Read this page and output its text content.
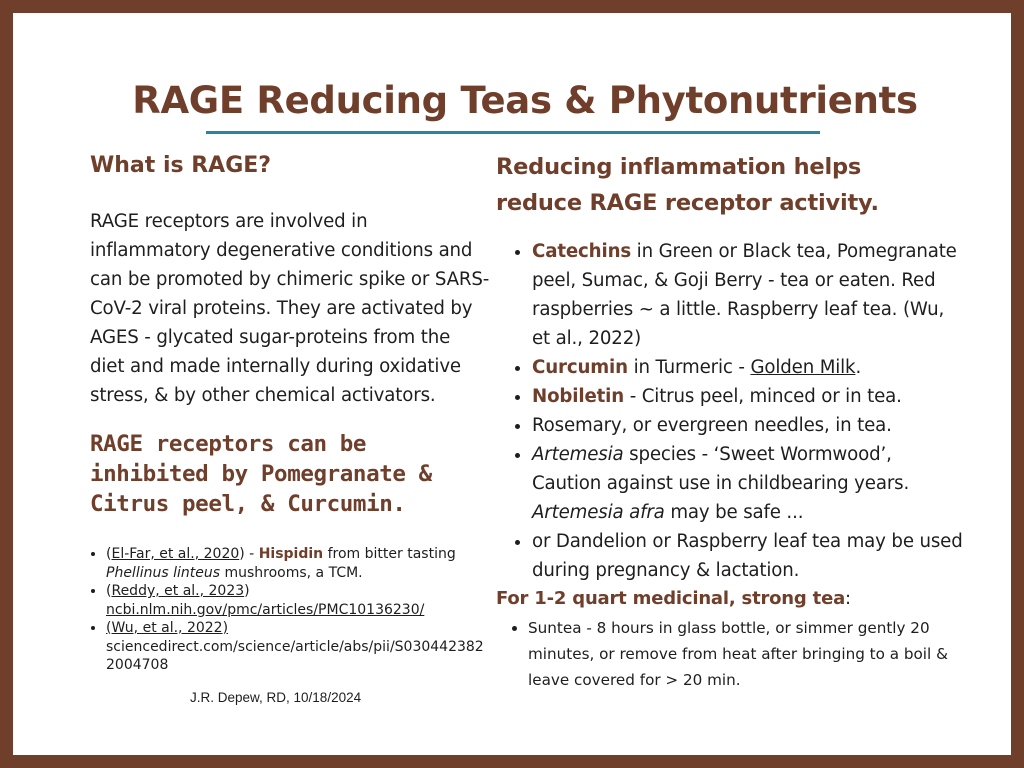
RAGE Reducing Teas & Phytonutrients
What is RAGE?

RAGE receptors are involved in inflammatory degenerative conditions and can be promoted by chimeric spike or SARS-CoV-2 viral proteins. They are activated by AGES - glycated sugar-proteins from the diet and made internally during oxidative stress, & by other chemical activators.

RAGE receptors can be inhibited by Pomegranate & Citrus peel, & Curcumin.
• (El-Far, et al., 2020) - Hispidin from bitter tasting Phellinus linteus mushrooms, a TCM.
• (Reddy, et al., 2023)
ncbi.nlm.nih.gov/pmc/articles/PMC10136230/
• (Wu, et al., 2022)
sciencedirect.com/science/article/abs/pii/S0304423822004708

J.R. Depew, RD, 10/18/2024

Reducing inflammation helps
reduce RAGE receptor activity.
• Catechins in Green or Black tea, Pomegranate peel, Sumac, & Goji Berry - tea or eaten. Red raspberries ~ a little. Raspberry leaf tea. (Wu, et al., 2022)
• Curcumin in Turmeric - Golden Milk.
• Nobiletin - Citrus peel, minced or in tea.
• Rosemary, or evergreen needles, in tea.
• Artemesia species - ‘Sweet Wormwood’, Caution against use in childbearing years. Artemesia afra may be safe ...
• or Dandelion or Raspberry leaf tea may be used during pregnancy & lactation.

For 1-2 quart medicinal, strong tea:

• Suntea - 8 hours in glass bottle, or simmer gently 20 minutes, or remove from heat after bringing to a boil & leave covered for > 20 min.
